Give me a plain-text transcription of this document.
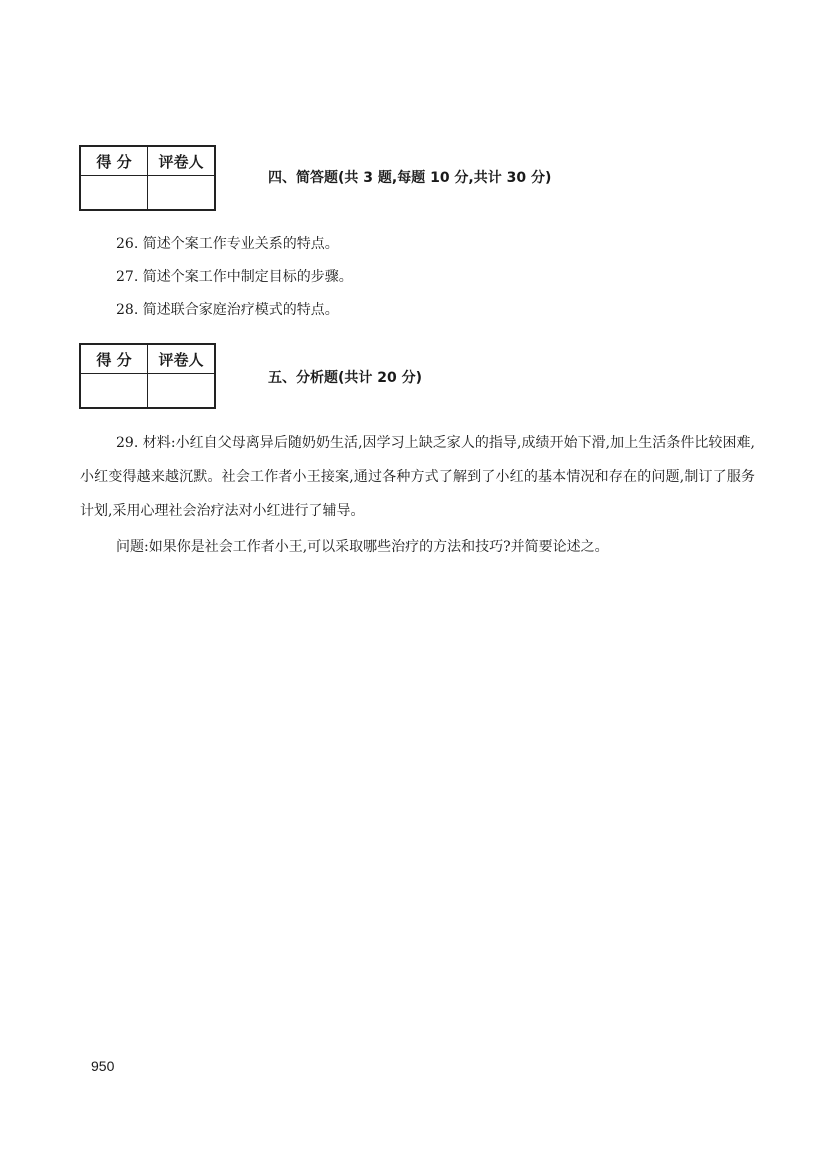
得 分	评卷人

四、简答题(共 3 题,每题 10 分,共计 30 分)
26. 简述个案工作专业关系的特点。
27. 简述个案工作中制定目标的步骤。
28. 简述联合家庭治疗模式的特点。
得 分	评卷人

五、分析题(共计 20 分)

29. 材料:小红自父母离异后随奶奶生活,因学习上缺乏家人的指导,成绩开始下滑,加上生活条件比较困难,小红变得越来越沉默。社会工作者小王接案,通过各种方式了解到了小红的基本情况和存在的问题,制订了服务计划,采用心理社会治疗法对小红进行了辅导。

问题:如果你是社会工作者小王,可以采取哪些治疗的方法和技巧?并简要论述之。
950
